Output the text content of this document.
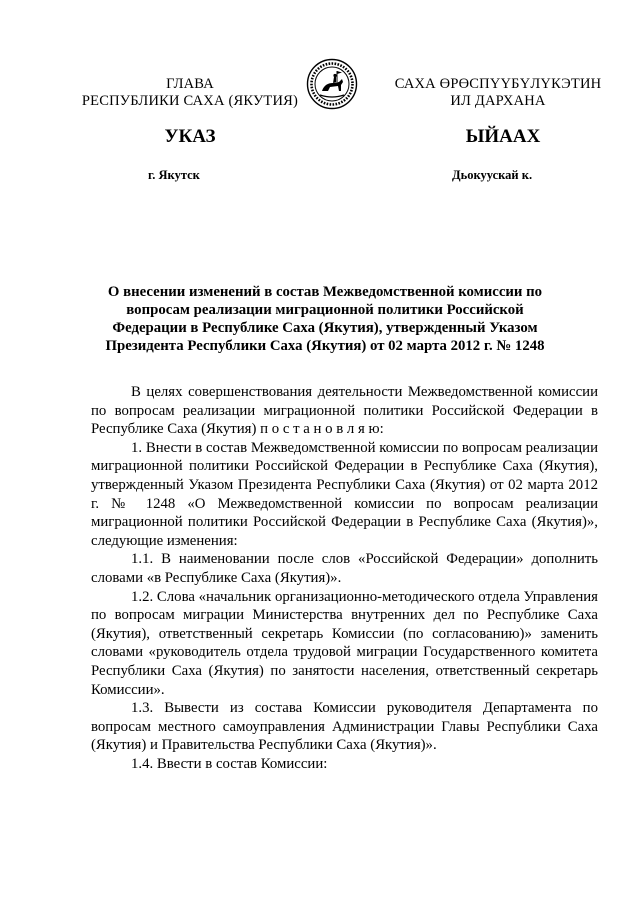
ГЛАВА
РЕСПУБЛИКИ САХА (ЯКУТИЯ)
САХА ӨРӨСПҮҮБҮЛҮКЭТИН
ИЛ ДАРХАНА
УКАЗ	ЫЙААХ
г. Якутск	Дьокуускай к.
О внесении изменений в состав Межведомственной комиссии по вопросам реализации миграционной политики Российской Федерации в Республике Саха (Якутия), утвержденный Указом Президента Республики Саха (Якутия) от 02 марта 2012 г. № 1248

В целях совершенствования деятельности Межведомственной комиссии по вопросам реализации миграционной политики Российской Федерации в Республике Саха (Якутия) п о с т а н о в л я ю:

1. Внести в состав Межведомственной комиссии по вопросам реализации миграционной политики Российской Федерации в Республике Саха (Якутия), утвержденный Указом Президента Республики Саха (Якутия) от 02 марта 2012 г. № 1248 «О Межведомственной комиссии по вопросам реализации миграционной политики Российской Федерации в Республике Саха (Якутия)», следующие изменения:

1.1. В наименовании после слов «Российской Федерации» дополнить словами «в Республике Саха (Якутия)».

1.2. Слова «начальник организационно-методического отдела Управления по вопросам миграции Министерства внутренних дел по Республике Саха (Якутия), ответственный секретарь Комиссии (по согласованию)» заменить словами «руководитель отдела трудовой миграции Государственного комитета Республики Саха (Якутия) по занятости населения, ответственный секретарь Комиссии».

1.3. Вывести из состава Комиссии руководителя Департамента по вопросам местного самоуправления Администрации Главы Республики Саха (Якутия) и Правительства Республики Саха (Якутия)».

1.4. Ввести в состав Комиссии:
